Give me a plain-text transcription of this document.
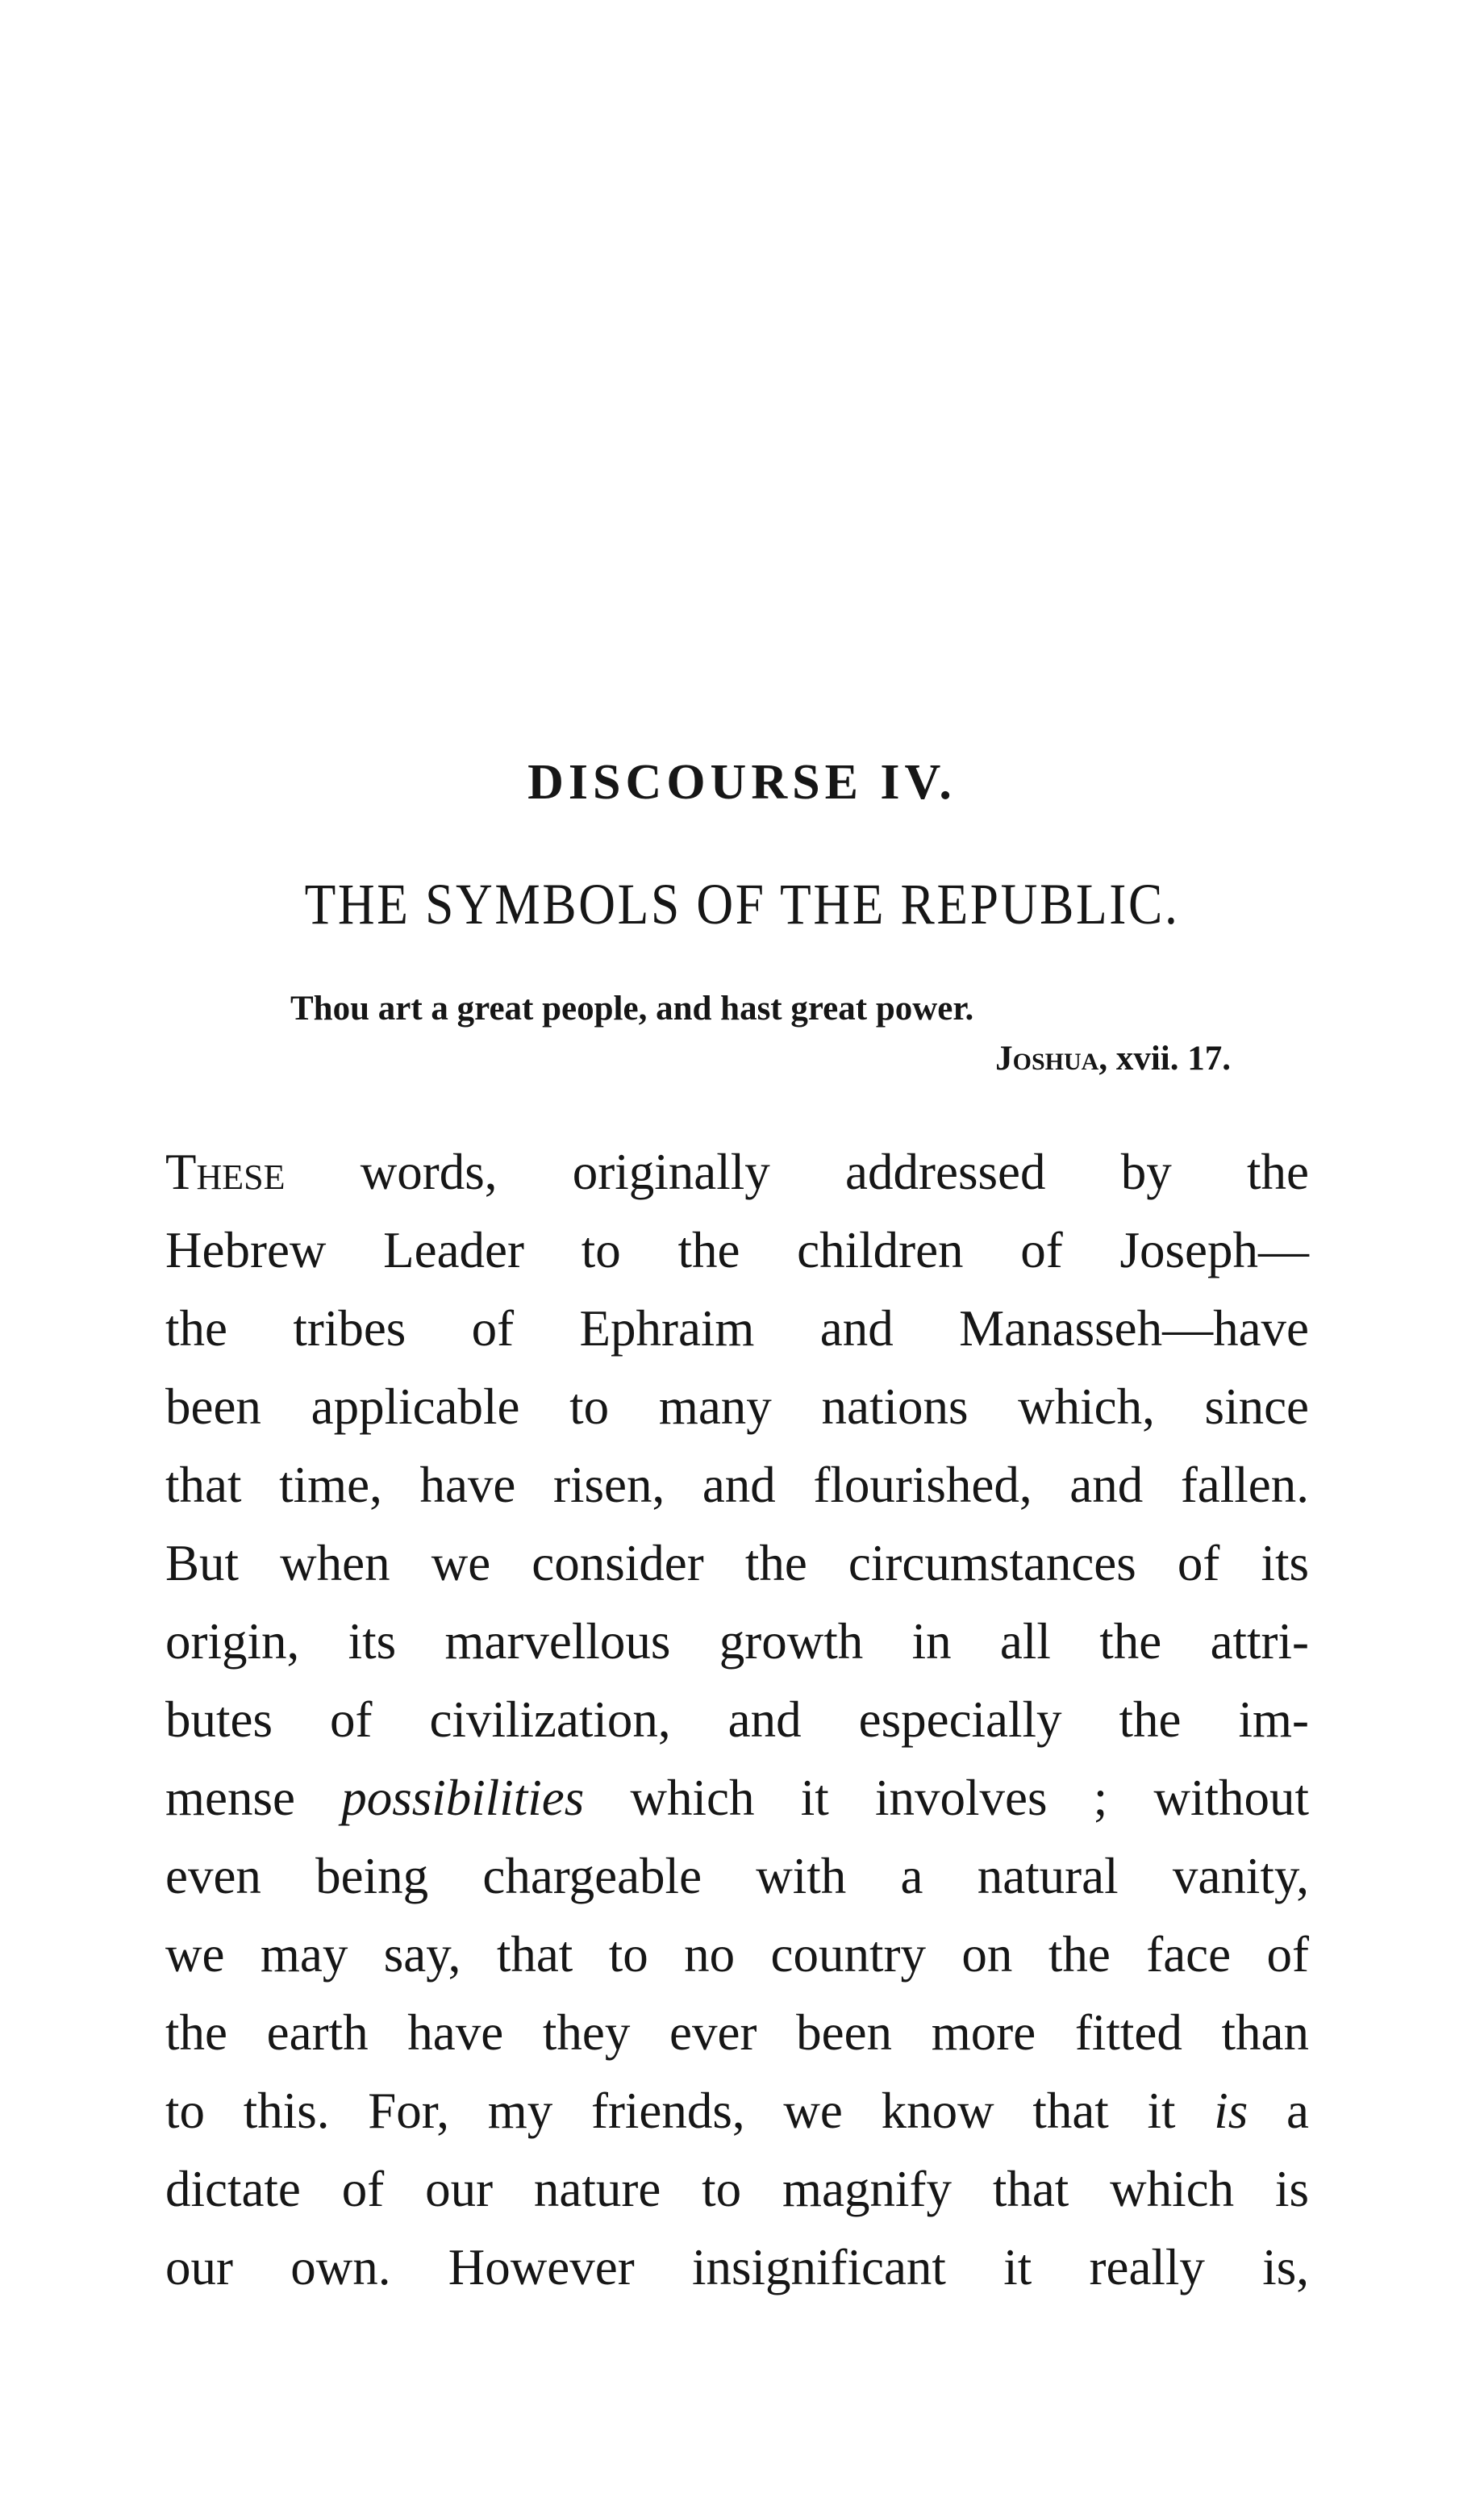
DISCOURSE IV.
THE SYMBOLS OF THE REPUBLIC.
Thou art a great people, and hast great power.
Joshua, xvii. 17.
These words, originally addressed by the
Hebrew Leader to the children of Joseph—
the tribes of Ephraim and Manasseh—have
been applicable to many nations which, since
that time, have risen, and flourished, and fallen.
But when we consider the circumstances of its
origin, its marvellous growth in all the attri-
butes of civilization, and especially the im-
mense possibilities which it involves ; without
even being chargeable with a natural vanity,
we may say, that to no country on the face of
the earth have they ever been more fitted than
to this. For, my friends, we know that it is a
dictate of our nature to magnify that which is
our own. However insignificant it really is,
